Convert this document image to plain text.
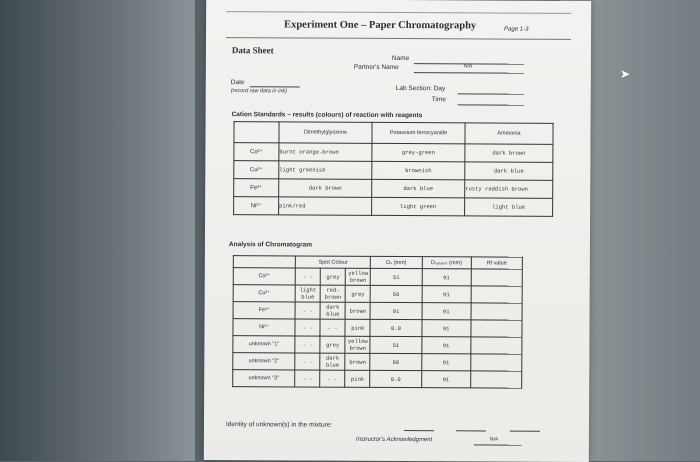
➤
Experiment One – Paper Chromatography	Page 1-3
Data Sheet
Name
Partner's Name	N/A
Date
(record raw data in ink)	Lab Section: Day
Time
Cation Standards – results (colours) of reaction with reagents
	Dimethylglyoxime	Potassium ferrocyanide	Ammonia
Co²⁺	burnt orange-brown	grey-green	dark brown
Cu²⁺	light greenish	brownish	dark blue
Fe³⁺	dark brown	dark blue	rusty reddish brown
Ni²⁺	pink/red	light green	light blue
Analysis of Chromatogram
	Spot Colour			Dₛ (mm)	Dₛₒₗᵥₑₙₜ (mm)	Rf value
Co²⁺	- -	grey	yellow brown	51	91	
Cu²⁺	light blue	red-brown	grey	56	91	
Fe³⁺	- -	dark blue	brown	91	91	
Ni²⁺	- -	- -	pink	0.0	91	
unknown "1"	- -	grey	yellow brown	51	91	
unknown "2"	- -	dark blue	brown	90	91	
unknown "3"	- -	- -	pink	0.0	91	
Identity of unknown(s) in the mixture:
Instructor's Acknowledgment	N/A
